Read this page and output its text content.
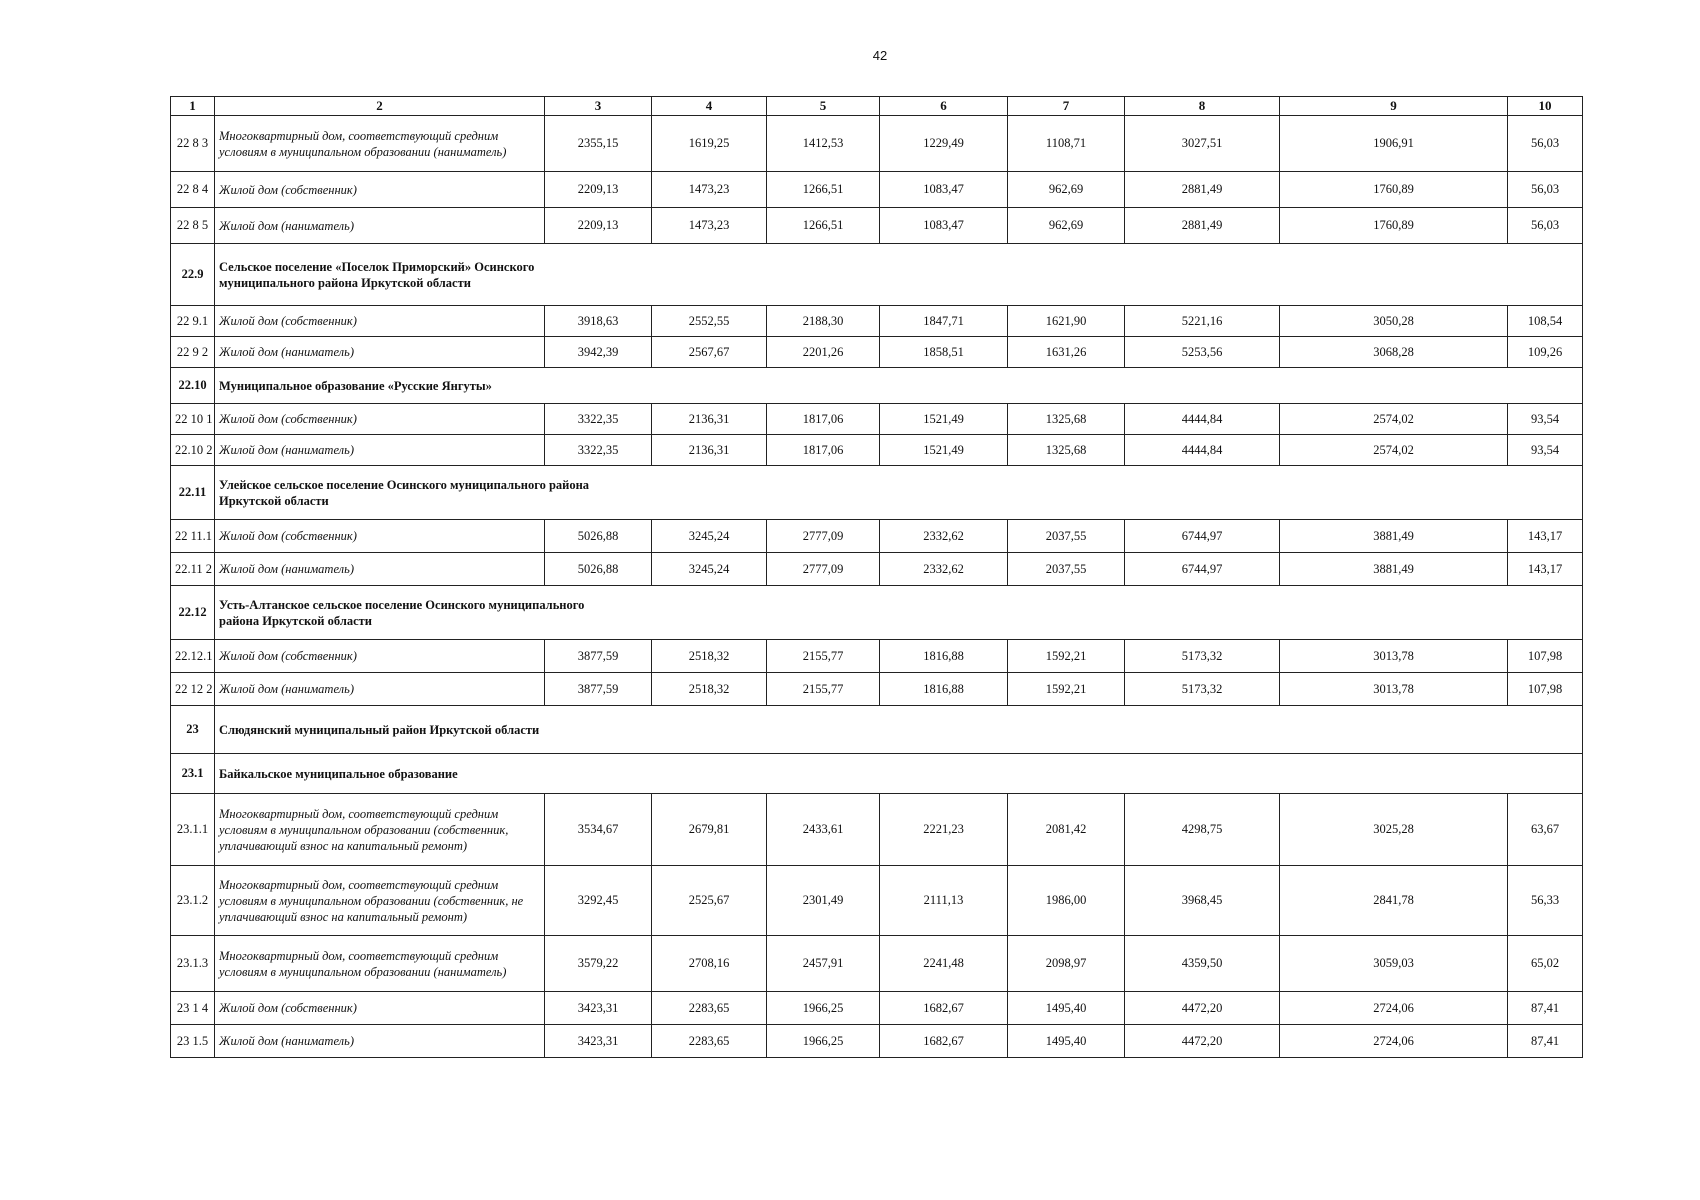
42
1	2	3	4	5	6	7	8	9	10
22 8 3	Многоквартирный дом, соответствующий средним условиям в муниципальном образовании (наниматель)	2355,15	1619,25	1412,53	1229,49	1108,71	3027,51	1906,91	56,03
22 8 4	Жилой дом (собственник)	2209,13	1473,23	1266,51	1083,47	962,69	2881,49	1760,89	56,03
22 8 5	Жилой дом (наниматель)	2209,13	1473,23	1266,51	1083,47	962,69	2881,49	1760,89	56,03
22.9	Сельское поселение «Поселок Приморский» Осинского муниципального района Иркутской области								
22 9.1	Жилой дом (собственник)	3918,63	2552,55	2188,30	1847,71	1621,90	5221,16	3050,28	108,54
22 9 2	Жилой дом (наниматель)	3942,39	2567,67	2201,26	1858,51	1631,26	5253,56	3068,28	109,26
22.10	Муниципальное образование «Русские Янгуты»								
22 10 1	Жилой дом (собственник)	3322,35	2136,31	1817,06	1521,49	1325,68	4444,84	2574,02	93,54
22.10 2	Жилой дом (наниматель)	3322,35	2136,31	1817,06	1521,49	1325,68	4444,84	2574,02	93,54
22.11	Улейское сельское поселение Осинского муниципального района Иркутской области								
22 11.1	Жилой дом (собственник)	5026,88	3245,24	2777,09	2332,62	2037,55	6744,97	3881,49	143,17
22.11 2	Жилой дом (наниматель)	5026,88	3245,24	2777,09	2332,62	2037,55	6744,97	3881,49	143,17
22.12	Усть-Алтанское сельское поселение Осинского муниципального района Иркутской области								
22.12.1	Жилой дом (собственник)	3877,59	2518,32	2155,77	1816,88	1592,21	5173,32	3013,78	107,98
22 12 2	Жилой дом (наниматель)	3877,59	2518,32	2155,77	1816,88	1592,21	5173,32	3013,78	107,98
23	Слюдянский муниципальный район Иркутской области								
23.1	Байкальское муниципальное образование								
23.1.1	Многоквартирный дом, соответствующий средним условиям в муниципальном образовании (собственник, уплачивающий взнос на капитальный ремонт)	3534,67	2679,81	2433,61	2221,23	2081,42	4298,75	3025,28	63,67
23.1.2	Многоквартирный дом, соответствующий средним условиям в муниципальном образовании (собственник, не уплачивающий взнос на капитальный ремонт)	3292,45	2525,67	2301,49	2111,13	1986,00	3968,45	2841,78	56,33
23.1.3	Многоквартирный дом, соответствующий средним условиям в муниципальном образовании (наниматель)	3579,22	2708,16	2457,91	2241,48	2098,97	4359,50	3059,03	65,02
23 1 4	Жилой дом (собственник)	3423,31	2283,65	1966,25	1682,67	1495,40	4472,20	2724,06	87,41
23 1.5	Жилой дом (наниматель)	3423,31	2283,65	1966,25	1682,67	1495,40	4472,20	2724,06	87,41
